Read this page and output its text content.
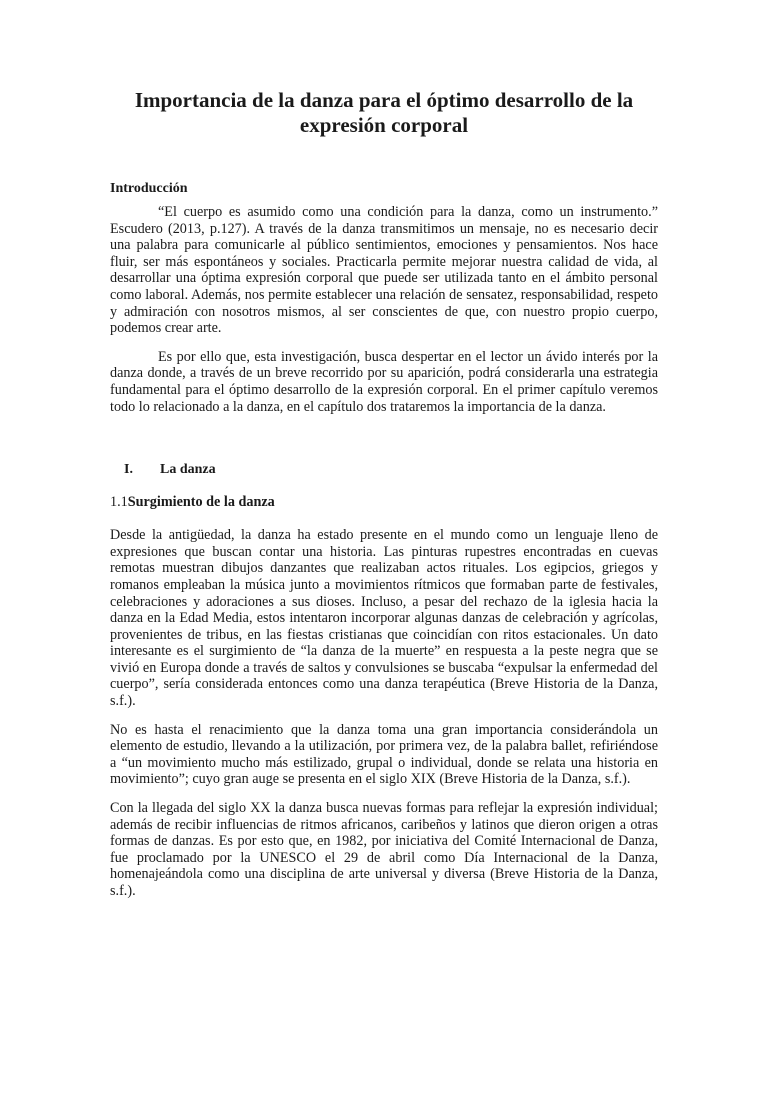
Importancia de la danza para el óptimo desarrollo de la expresión corporal
Introducción

“El cuerpo es asumido como una condición para la danza, como un instrumento.” Escudero (2013, p.127). A través de la danza transmitimos un mensaje, no es necesario decir una palabra para comunicarle al público sentimientos, emociones y pensamientos. Nos hace fluir, ser más espontáneos y sociales. Practicarla permite mejorar nuestra calidad de vida, al desarrollar una óptima expresión corporal que puede ser utilizada tanto en el ámbito personal como laboral. Además, nos permite establecer una relación de sensatez, responsabilidad, respeto y admiración con nosotros mismos, al ser conscientes de que, con nuestro propio cuerpo, podemos crear arte.

Es por ello que, esta investigación, busca despertar en el lector un ávido interés por la danza donde, a través de un breve recorrido por su aparición, podrá considerarla una estrategia fundamental para el óptimo desarrollo de la expresión corporal. En el primer capítulo veremos todo lo relacionado a la danza, en el capítulo dos trataremos la importancia de la danza.

I.	La danza
1.1Surgimiento de la danza

Desde la antigüedad, la danza ha estado presente en el mundo como un lenguaje lleno de expresiones que buscan contar una historia. Las pinturas rupestres encontradas en cuevas remotas muestran dibujos danzantes que realizaban actos rituales. Los egipcios, griegos y romanos empleaban la música junto a movimientos rítmicos que formaban parte de festivales, celebraciones y adoraciones a sus dioses. Incluso, a pesar del rechazo de la iglesia hacia la danza en la Edad Media, estos intentaron incorporar algunas danzas de celebración y agrícolas, provenientes de tribus, en las fiestas cristianas que coincidían con ritos estacionales. Un dato interesante es el surgimiento de “la danza de la muerte” en respuesta a la peste negra que se vivió en Europa donde a través de saltos y convulsiones se buscaba “expulsar la enfermedad del cuerpo”, sería considerada entonces como una danza terapéutica (Breve Historia de la Danza, s.f.).

No es hasta el renacimiento que la danza toma una gran importancia considerándola un elemento de estudio, llevando a la utilización, por primera vez, de la palabra ballet, refiriéndose a “un movimiento mucho más estilizado, grupal o individual, donde se relata una historia en movimiento”; cuyo gran auge se presenta en el siglo XIX (Breve Historia de la Danza, s.f.).

Con la llegada del siglo XX la danza busca nuevas formas para reflejar la expresión individual; además de recibir influencias de ritmos africanos, caribeños y latinos que dieron origen a otras formas de danzas. Es por esto que, en 1982, por iniciativa del Comité Internacional de Danza, fue proclamado por la UNESCO el 29 de abril como Día Internacional de la Danza, homenajeándola como una disciplina de arte universal y diversa (Breve Historia de la Danza, s.f.).
